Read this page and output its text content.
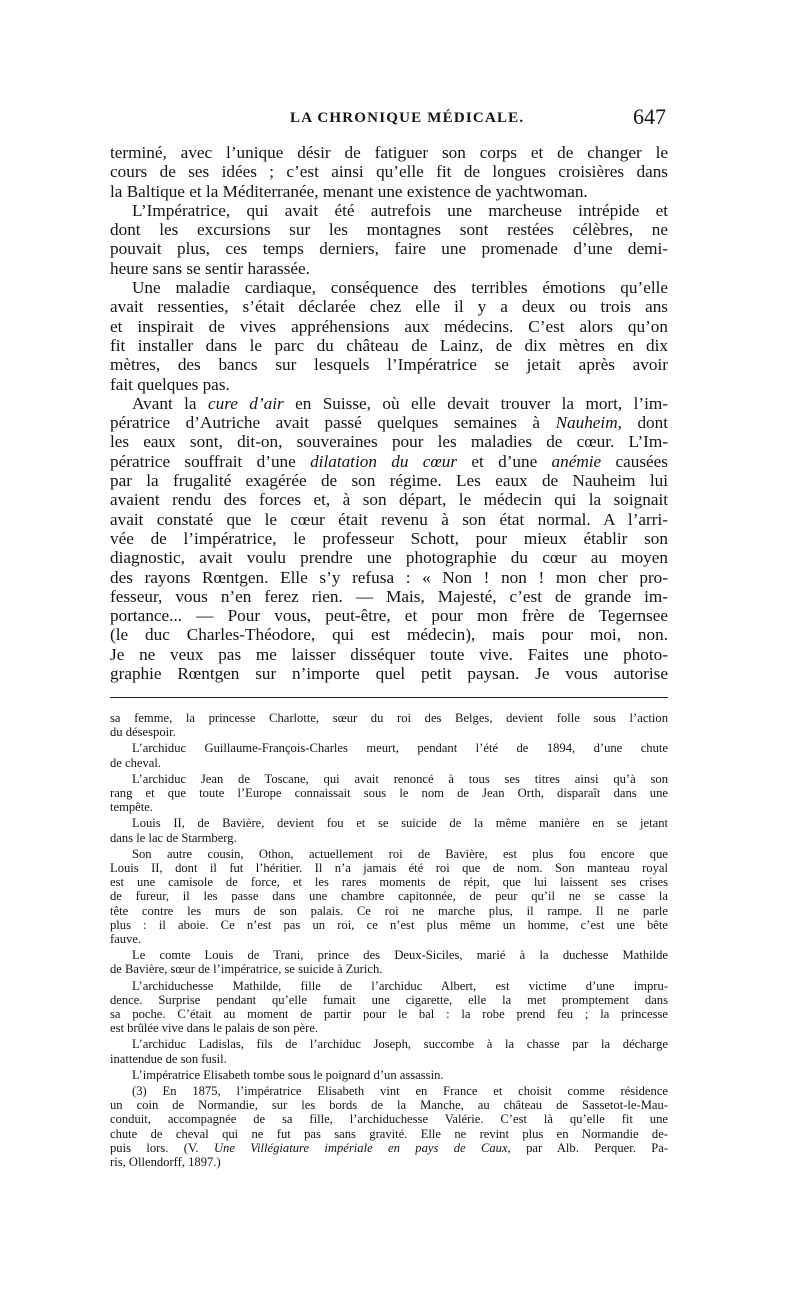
LA CHRONIQUE MÉDICALE.	647

terminé, avec l’unique désir de fatiguer son corps et de changer le
cours de ses idées ; c’est ainsi qu’elle fit de longues croisières dans
la Baltique et la Méditerranée, menant une existence de yachtwoman.

L’Impératrice, qui avait été autrefois une marcheuse intrépide et
dont les excursions sur les montagnes sont restées célèbres, ne
pouvait plus, ces temps derniers, faire une promenade d’une demi-
heure sans se sentir harassée.

Une maladie cardiaque, conséquence des terribles émotions qu’elle
avait ressenties, s’était déclarée chez elle il y a deux ou trois ans
et inspirait de vives appréhensions aux médecins. C’est alors qu’on
fit installer dans le parc du château de Lainz, de dix mètres en dix
mètres, des bancs sur lesquels l’Impératrice se jetait après avoir
fait quelques pas.

Avant la cure d’air en Suisse, où elle devait trouver la mort, l’im-
pératrice d’Autriche avait passé quelques semaines à Nauheim, dont
les eaux sont, dit-on, souveraines pour les maladies de cœur. L’Im-
pératrice souffrait d’une dilatation du cœur et d’une anémie causées
par la frugalité exagérée de son régime. Les eaux de Nauheim lui
avaient rendu des forces et, à son départ, le médecin qui la soignait
avait constaté que le cœur était revenu à son état normal. A l’arri-
vée de l’impératrice, le professeur Schott, pour mieux établir son
diagnostic, avait voulu prendre une photographie du cœur au moyen
des rayons Rœntgen. Elle s’y refusa : « Non ! non ! mon cher pro-
fesseur, vous n’en ferez rien. — Mais, Majesté, c’est de grande im-
portance... — Pour vous, peut-être, et pour mon frère de Tegernsee
(le duc Charles-Théodore, qui est médecin), mais pour moi, non.
Je ne veux pas me laisser disséquer toute vive. Faites une photo-
graphie Rœntgen sur n’importe quel petit paysan. Je vous autorise

sa femme, la princesse Charlotte, sœur du roi des Belges, devient folle sous l’action
du désespoir.
L’archiduc Guillaume-François-Charles meurt, pendant l’été de 1894, d’une chute
de cheval.
L’archiduc Jean de Toscane, qui avait renoncé à tous ses titres ainsi qu’à son
rang et que toute l’Europe connaissait sous le nom de Jean Orth, disparaît dans une
tempête.
Louis II, de Bavière, devient fou et se suicide de la même manière en se jetant
dans le lac de Starmberg.
Son autre cousin, Othon, actuellement roi de Bavière, est plus fou encore que
Louis II, dont il fut l’héritier. Il n’a jamais été roi que de nom. Son manteau royal
est une camisole de force, et les rares moments de répit, que lui laissent ses crises
de fureur, il les passe dans une chambre capitonnée, de peur qu’il ne se casse la
tête contre les murs de son palais. Ce roi ne marche plus, il rampe. Il ne parle
plus : il aboie. Ce n’est pas un roi, ce n’est plus même un homme, c’est une bête
fauve.
Le comte Louis de Trani, prince des Deux-Siciles, marié à la duchesse Mathilde
de Bavière, sœur de l’impératrice, se suicide à Zurich.
L’archiduchesse Mathilde, fille de l’archiduc Albert, est victime d’une impru-
dence. Surprise pendant qu’elle fumait une cigarette, elle la met promptement dans
sa poche. C’était au moment de partir pour le bal : la robe prend feu ; la princesse
est brûlée vive dans le palais de son père.
L’archiduc Ladislas, fils de l’archiduc Joseph, succombe à la chasse par la décharge
inattendue de son fusil.
L’impératrice Elisabeth tombe sous le poignard d’un assassin.
(3) En 1875, l’impératrice Elisabeth vint en France et choisit comme résidence
un coin de Normandie, sur les bords de la Manche, au château de Sassetot-le-Mau-
conduit, accompagnée de sa fille, l’archiduchesse Valérie. C’est là qu’elle fit une
chute de cheval qui ne fut pas sans gravité. Elle ne revint plus en Normandie de-
puis lors. (V. Une Villégiature impériale en pays de Caux, par Alb. Perquer. Pa-
ris, Ollendorff, 1897.)
